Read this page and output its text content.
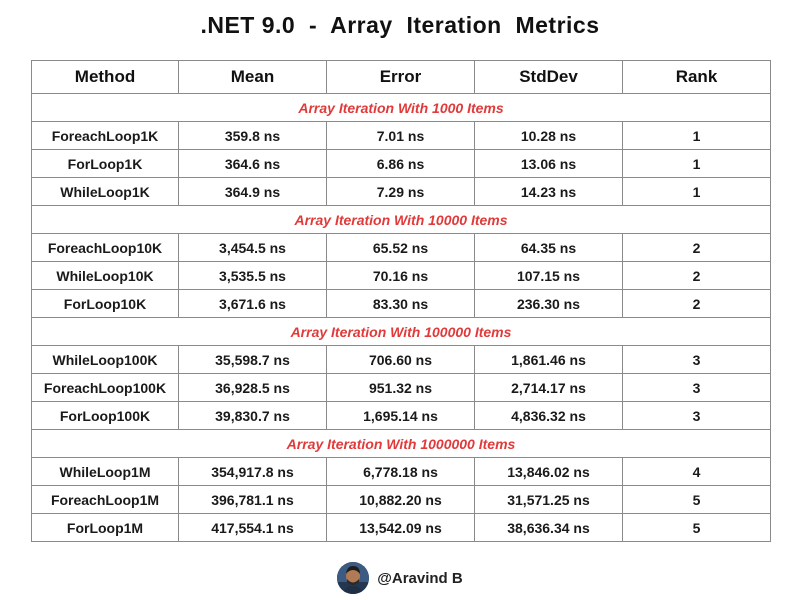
.NET 9.0  -  Array  Iteration  Metrics
Method	Mean	Error	StdDev	Rank
Array Iteration With 1000 Items				
ForeachLoop1K	359.8 ns	7.01 ns	10.28 ns	1
ForLoop1K	364.6 ns	6.86 ns	13.06 ns	1
WhileLoop1K	364.9 ns	7.29 ns	14.23 ns	1
Array Iteration With 10000 Items				
ForeachLoop10K	3,454.5 ns	65.52 ns	64.35 ns	2
WhileLoop10K	3,535.5 ns	70.16 ns	107.15 ns	2
ForLoop10K	3,671.6 ns	83.30 ns	236.30 ns	2
Array Iteration With 100000 Items				
WhileLoop100K	35,598.7 ns	706.60 ns	1,861.46 ns	3
ForeachLoop100K	36,928.5 ns	951.32 ns	2,714.17 ns	3
ForLoop100K	39,830.7 ns	1,695.14 ns	4,836.32 ns	3
Array Iteration With 1000000 Items				
WhileLoop1M	354,917.8 ns	6,778.18 ns	13,846.02 ns	4
ForeachLoop1M	396,781.1 ns	10,882.20 ns	31,571.25 ns	5
ForLoop1M	417,554.1 ns	13,542.09 ns	38,636.34 ns	5
@Aravind B
